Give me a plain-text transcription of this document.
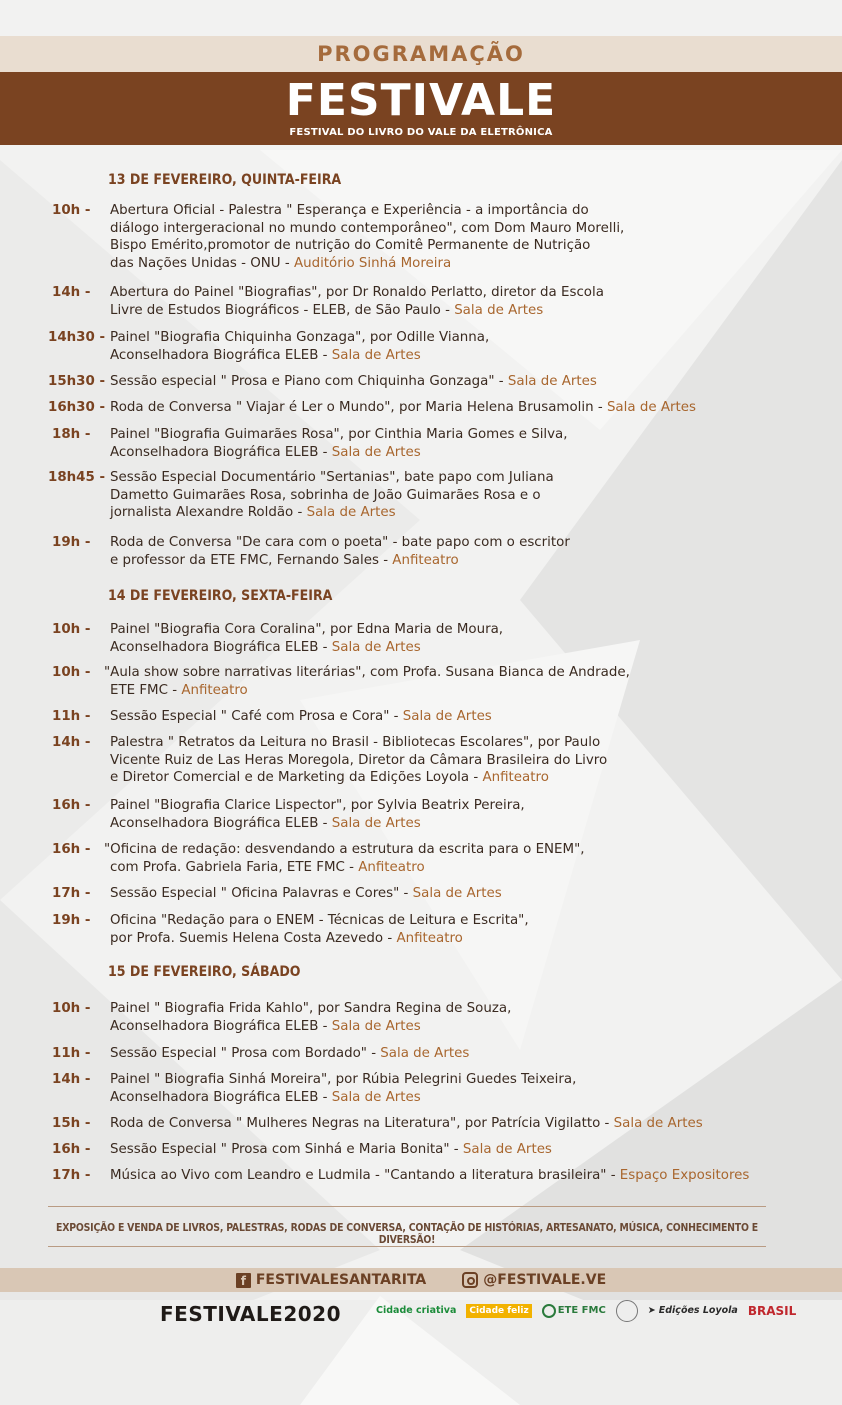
PROGRAMAÇÃO
FESTIVALE
FESTIVAL DO LIVRO DO VALE DA ELETRÔNICA
13 DE FEVEREIRO, QUINTA-FEIRA
10h - Abertura Oficial - Palestra " Esperança e Experiência - a importância do
diálogo intergeracional no mundo contemporâneo", com Dom Mauro Morelli,
Bispo Emérito,promotor de nutrição do Comitê Permanente de Nutrição
das Nações Unidas - ONU - Auditório Sinhá Moreira
14h - Abertura do Painel "Biografias", por Dr Ronaldo Perlatto, diretor da Escola
Livre de Estudos Biográficos - ELEB, de São Paulo - Sala de Artes
14h30 - Painel "Biografia Chiquinha Gonzaga", por Odille Vianna,
Aconselhadora Biográfica ELEB - Sala de Artes
15h30 - Sessão especial " Prosa e Piano com Chiquinha Gonzaga" - Sala de Artes
16h30 - Roda de Conversa " Viajar é Ler o Mundo", por Maria Helena Brusamolin - Sala de Artes
18h - Painel "Biografia Guimarães Rosa", por Cinthia Maria Gomes e Silva,
Aconselhadora Biográfica ELEB - Sala de Artes
18h45 - Sessão Especial Documentário "Sertanias", bate papo com Juliana
Dametto Guimarães Rosa, sobrinha de João Guimarães Rosa e o
jornalista Alexandre Roldão - Sala de Artes
19h - Roda de Conversa "De cara com o poeta" - bate papo com o escritor
e professor da ETE FMC, Fernando Sales - Anfiteatro
14 DE FEVEREIRO, SEXTA-FEIRA
10h - Painel "Biografia Cora Coralina", por Edna Maria de Moura,
Aconselhadora Biográfica ELEB - Sala de Artes
10h - "Aula show sobre narrativas literárias", com Profa. Susana Bianca de Andrade,
ETE FMC - Anfiteatro
11h - Sessão Especial " Café com Prosa e Cora" - Sala de Artes
14h - Palestra " Retratos da Leitura no Brasil - Bibliotecas Escolares", por Paulo
Vicente Ruiz de Las Heras Moregola, Diretor da Câmara Brasileira do Livro
e Diretor Comercial e de Marketing da Edições Loyola - Anfiteatro
16h - Painel "Biografia Clarice Lispector", por Sylvia Beatrix Pereira,
Aconselhadora Biográfica ELEB - Sala de Artes
16h - "Oficina de redação: desvendando a estrutura da escrita para o ENEM",
com Profa. Gabriela Faria, ETE FMC - Anfiteatro
17h - Sessão Especial " Oficina Palavras e Cores" - Sala de Artes
19h - Oficina "Redação para o ENEM - Técnicas de Leitura e Escrita",
por Profa. Suemis Helena Costa Azevedo - Anfiteatro
15 DE FEVEREIRO, SÁBADO
10h - Painel " Biografia Frida Kahlo", por Sandra Regina de Souza,
Aconselhadora Biográfica ELEB - Sala de Artes
11h - Sessão Especial " Prosa com Bordado" - Sala de Artes
14h - Painel " Biografia Sinhá Moreira", por Rúbia Pelegrini Guedes Teixeira,
Aconselhadora Biográfica ELEB - Sala de Artes
15h - Roda de Conversa " Mulheres Negras na Literatura", por Patrícia Vigilatto - Sala de Artes
16h - Sessão Especial " Prosa com Sinhá e Maria Bonita" - Sala de Artes
17h - Música ao Vivo com Leandro e Ludmila - "Cantando a literatura brasileira" - Espaço Expositores
EXPOSIÇÃO E VENDA DE LIVROS, PALESTRAS, RODAS DE CONVERSA, CONTAÇÃO DE HISTÓRIAS, ARTESANATO, MÚSICA, CONHECIMENTO E DIVERSÃO!
f FESTIVALESANTARITA	@FESTIVALE.VE
FESTIVALE2020	Cidade criativa	Cidade feliz	ETE FMC	➤ Edições Loyola BRASIL
